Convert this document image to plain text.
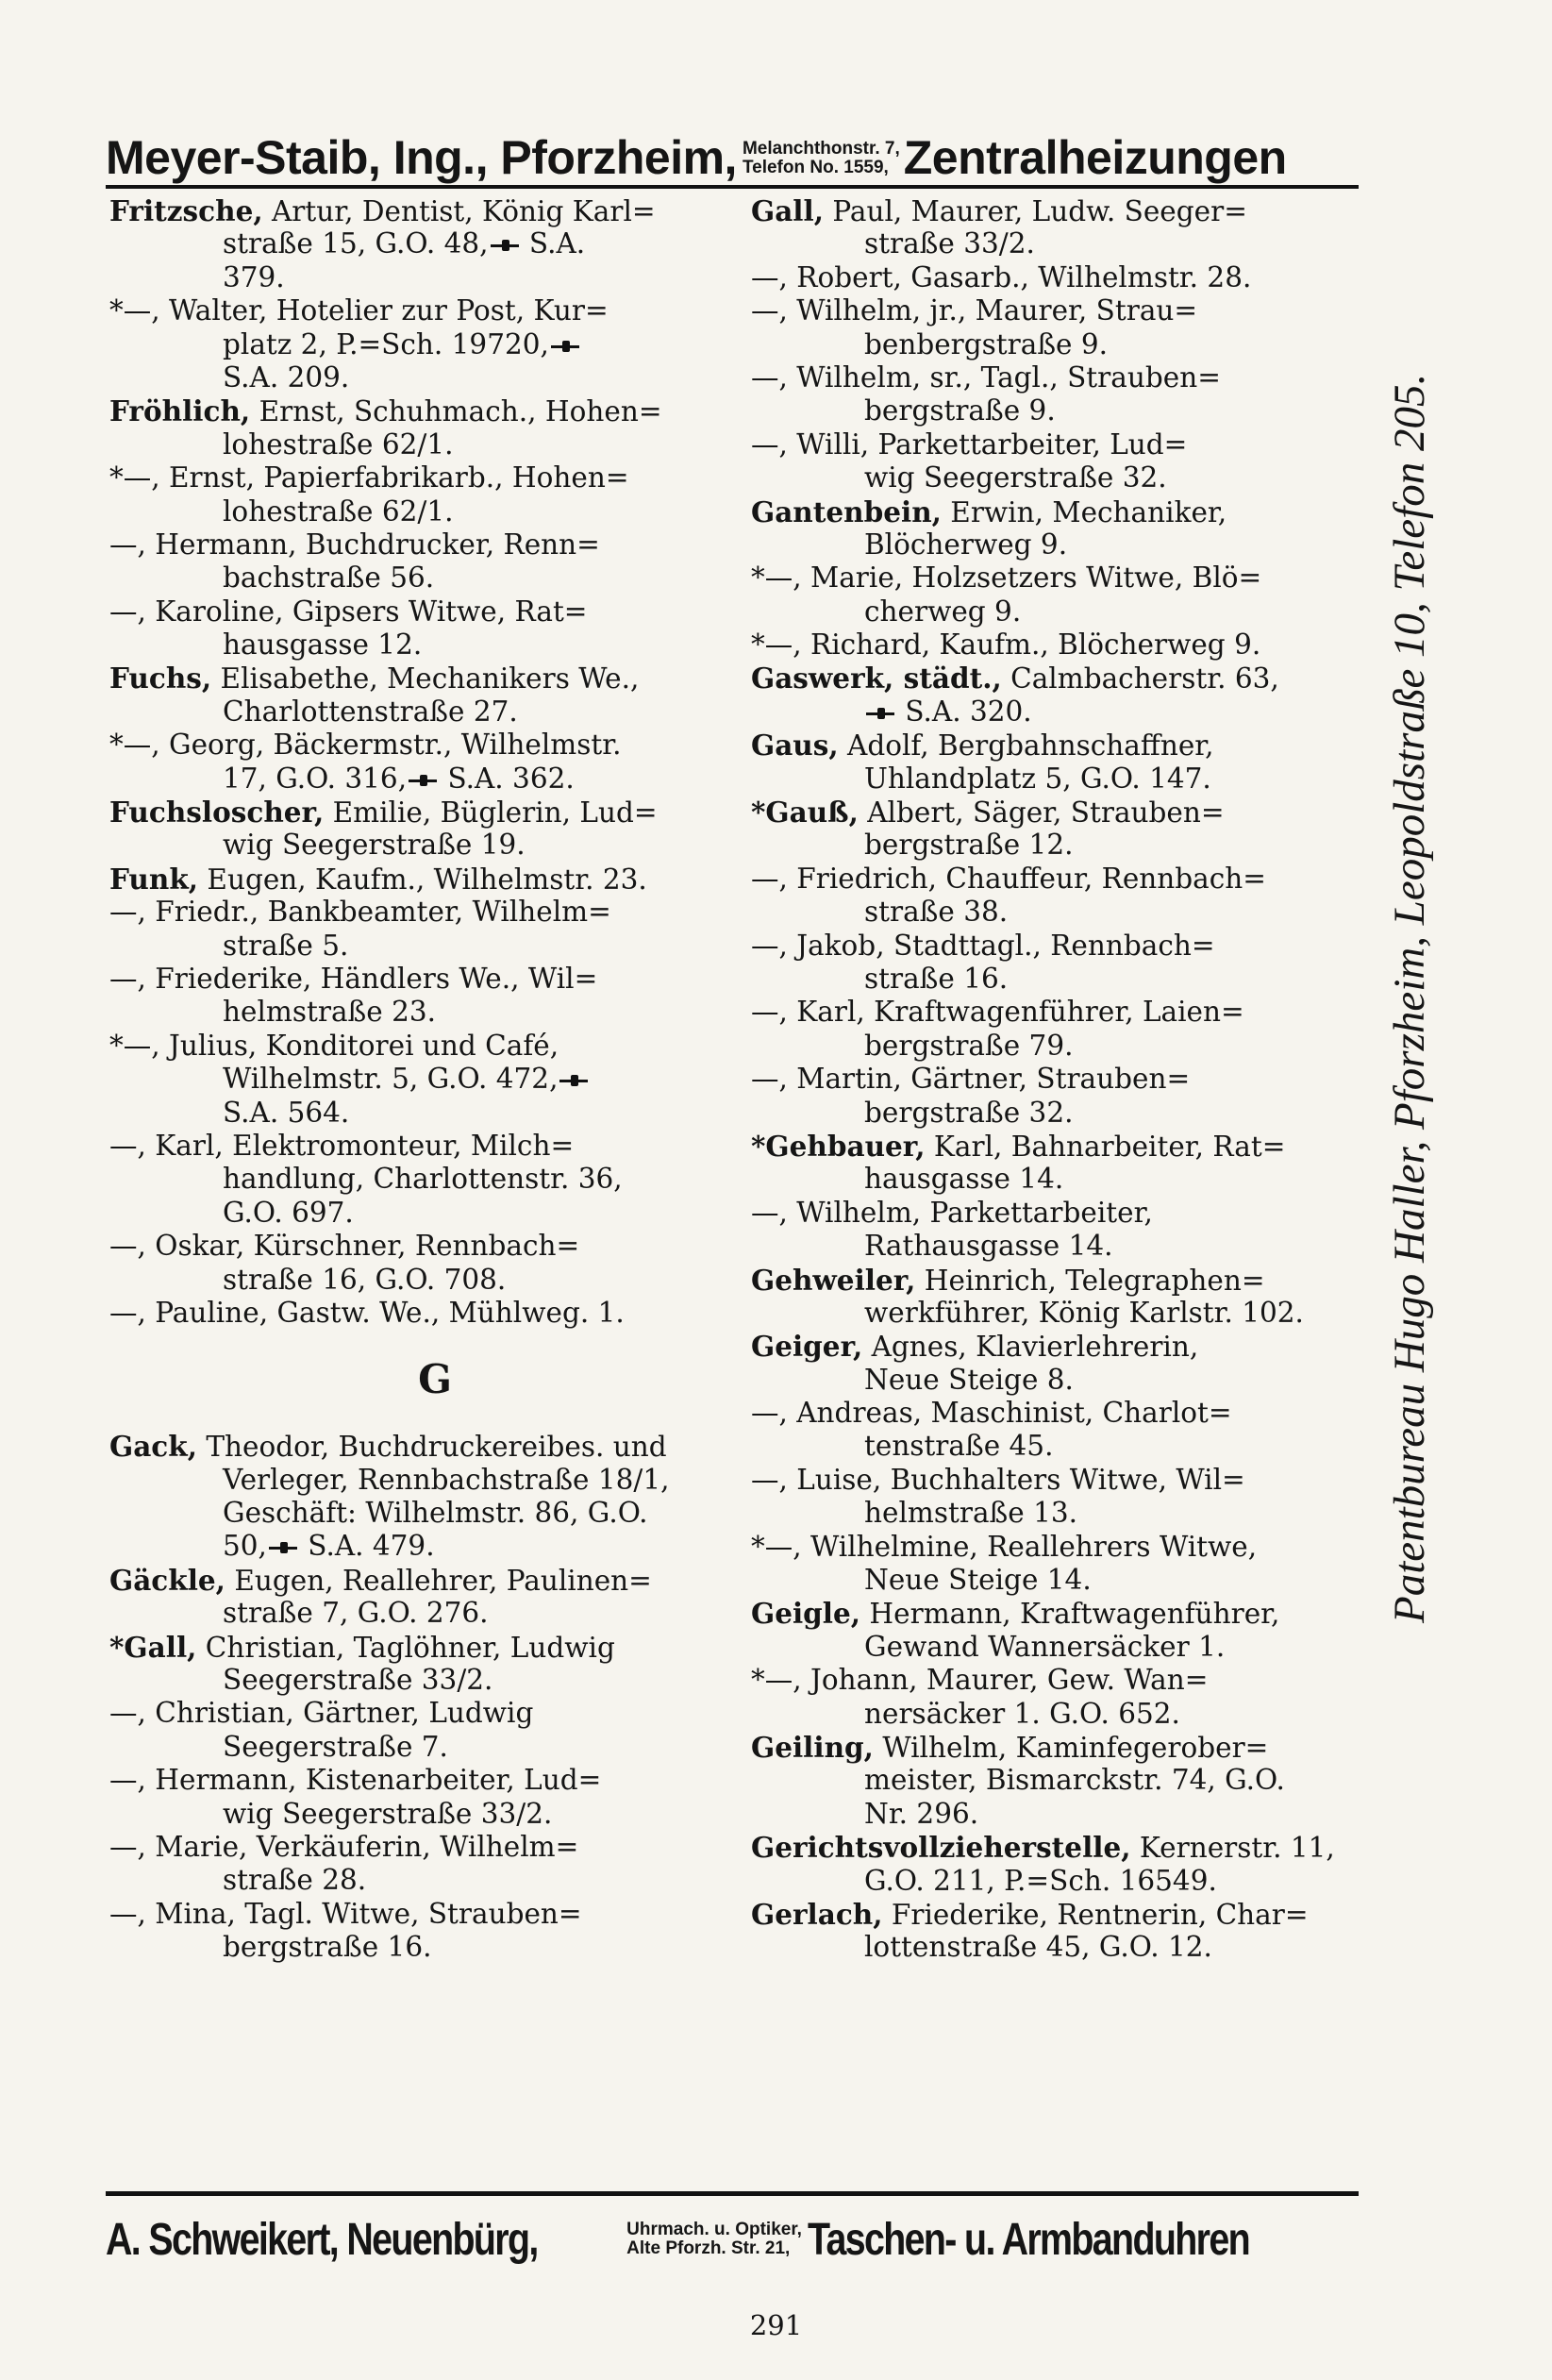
Meyer-Staib, Ing., Pforzheim, Melanchthonstr. 7,
Telefon No. 1559, Zentralheizungen
Fritzsche, Artur, Dentist, König Karl=
straße 15, G.O. 48, S.A.
379.
*—, Walter, Hotelier zur Post, Kur=
platz 2, P.=Sch. 19720,
S.A. 209.
Fröhlich, Ernst, Schuhmach., Hohen=
lohestraße 62/1.
*—, Ernst, Papierfabrikarb., Hohen=
lohestraße 62/1.
—, Hermann, Buchdrucker, Renn=
bachstraße 56.
—, Karoline, Gipsers Witwe, Rat=
hausgasse 12.
Fuchs, Elisabethe, Mechanikers We.,
Charlottenstraße 27.
*—, Georg, Bäckermstr., Wilhelmstr.
17, G.O. 316, S.A. 362.
Fuchsloscher, Emilie, Büglerin, Lud=
wig Seegerstraße 19.
Funk, Eugen, Kaufm., Wilhelmstr. 23.
—, Friedr., Bankbeamter, Wilhelm=
straße 5.
—, Friederike, Händlers We., Wil=
helmstraße 23.
*—, Julius, Konditorei und Café,
Wilhelmstr. 5, G.O. 472,
S.A. 564.
—, Karl, Elektromonteur, Milch=
handlung, Charlottenstr. 36,
G.O. 697.
—, Oskar, Kürschner, Rennbach=
straße 16, G.O. 708.
—, Pauline, Gastw. We., Mühlweg. 1.
G
Gack, Theodor, Buchdruckereibes. und
Verleger, Rennbachstraße 18/1,
Geschäft: Wilhelmstr. 86, G.O.
50, S.A. 479.
Gäckle, Eugen, Reallehrer, Paulinen=
straße 7, G.O. 276.
*Gall, Christian, Taglöhner, Ludwig
Seegerstraße 33/2.
—, Christian, Gärtner, Ludwig
Seegerstraße 7.
—, Hermann, Kistenarbeiter, Lud=
wig Seegerstraße 33/2.
—, Marie, Verkäuferin, Wilhelm=
straße 28.
—, Mina, Tagl. Witwe, Strauben=
bergstraße 16.
Gall, Paul, Maurer, Ludw. Seeger=
straße 33/2.
—, Robert, Gasarb., Wilhelmstr. 28.
—, Wilhelm, jr., Maurer, Strau=
benbergstraße 9.
—, Wilhelm, sr., Tagl., Strauben=
bergstraße 9.
—, Willi, Parkettarbeiter, Lud=
wig Seegerstraße 32.
Gantenbein, Erwin, Mechaniker,
Blöcherweg 9.
*—, Marie, Holzsetzers Witwe, Blö=
cherweg 9.
*—, Richard, Kaufm., Blöcherweg 9.
Gaswerk, städt., Calmbacherstr. 63,
S.A. 320.
Gaus, Adolf, Bergbahnschaffner,
Uhlandplatz 5, G.O. 147.
*Gauß, Albert, Säger, Strauben=
bergstraße 12.
—, Friedrich, Chauffeur, Rennbach=
straße 38.
—, Jakob, Stadttagl., Rennbach=
straße 16.
—, Karl, Kraftwagenführer, Laien=
bergstraße 79.
—, Martin, Gärtner, Strauben=
bergstraße 32.
*Gehbauer, Karl, Bahnarbeiter, Rat=
hausgasse 14.
—, Wilhelm, Parkettarbeiter,
Rathausgasse 14.
Gehweiler, Heinrich, Telegraphen=
werkführer, König Karlstr. 102.
Geiger, Agnes, Klavierlehrerin,
Neue Steige 8.
—, Andreas, Maschinist, Charlot=
tenstraße 45.
—, Luise, Buchhalters Witwe, Wil=
helmstraße 13.
*—, Wilhelmine, Reallehrers Witwe,
Neue Steige 14.
Geigle, Hermann, Kraftwagenführer,
Gewand Wannersäcker 1.
*—, Johann, Maurer, Gew. Wan=
nersäcker 1. G.O. 652.
Geiling, Wilhelm, Kaminfegerober=
meister, Bismarckstr. 74, G.O.
Nr. 296.
Gerichtsvollzieherstelle, Kernerstr. 11,
G.O. 211, P.=Sch. 16549.
Gerlach, Friederike, Rentnerin, Char=
lottenstraße 45, G.O. 12.
Patentbureau Hugo Haller, Pforzheim, Leopoldstraße 10, Telefon 205.
A. Schweikert, Neuenbürg,	Uhrmach. u. Optiker,
Alte Pforzh. Str. 21, Taschen- u. Armbanduhren
291
